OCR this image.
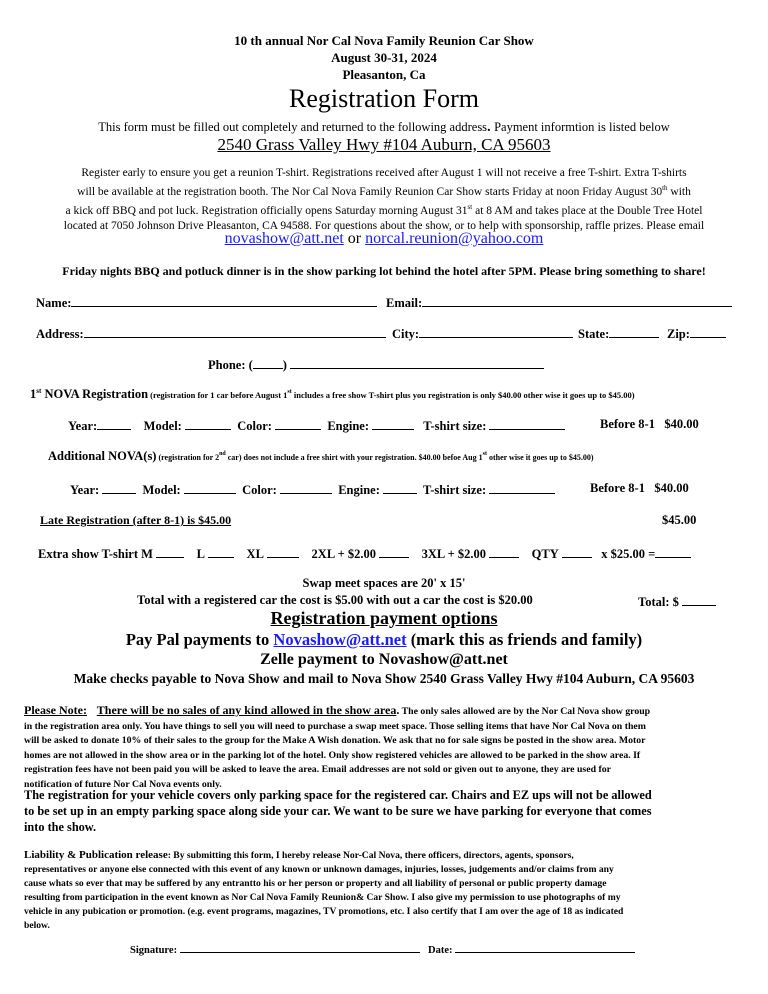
10 th annual Nor Cal Nova Family Reunion Car Show
August 30-31, 2024
Pleasanton, Ca
Registration Form
This form must be filled out completely and returned to the following address. Payment informtion is listed below
2540 Grass Valley Hwy #104 Auburn, CA 95603
Register early to ensure you get a reunion T-shirt. Registrations received after August 1 will not receive a free T-shirt. Extra T-shirts
will be available at the registration booth. The Nor Cal Nova Family Reunion Car Show starts Friday at noon Friday August 30th with
a kick off BBQ and pot luck. Registration officially opens Saturday morning August 31st at 8 AM and takes place at the Double Tree Hotel
located at 7050 Johnson Drive Pleasanton, CA 94588. For questions about the show, or to help with sponsorship, raffle prizes. Please email
novashow@att.net or norcal.reunion@yahoo.com
Friday nights BBQ and potluck dinner is in the show parking lot behind the hotel after 5PM. Please bring something to share!
Name:	Email:
Address:	City:	State:	Zip:
Phone: ( )
1st NOVA Registration (registration for 1 car before August 1st includes a free show T-shirt plus you registration is only $40.00 other wise it goes up to $45.00)
Year:	Model:	Color:	Engine:	T-shirt size:	Before 8-1 $40.00
Additional NOVA(s) (registration for 2nd car) does not include a free shirt with your registration. $40.00 befoe Aug 1st other wise it goes up to $45.00)
Year:	Model:	Color:	Engine:	T-shirt size:	Before 8-1 $40.00
Late Registration (after 8-1) is $45.00	$45.00
Extra show T-shirt M	L	XL	2XL + $2.00	3XL + $2.00	QTY	x $25.00 =
Swap meet spaces are 20' x 15'
Total with a registered car the cost is $5.00 with out a car the cost is $20.00	Total: $
Registration payment options
Pay Pal payments to Novashow@att.net (mark this as friends and family)
Zelle payment to Novashow@att.net
Make checks payable to Nova Show and mail to Nova Show 2540 Grass Valley Hwy #104 Auburn, CA 95603
Please Note: There will be no sales of any kind allowed in the show area. The only sales allowed are by the Nor Cal Nova show group
in the registration area only. You have things to sell you will need to purchase a swap meet space. Those selling items that have Nor Cal Nova on them
will be asked to donate 10% of their sales to the group for the Make A Wish donation. We ask that no for sale signs be posted in the show area. Motor
homes are not allowed in the show area or in the parking lot of the hotel. Only show registered vehicles are allowed to be parked in the show area. If
registration fees have not been paid you will be asked to leave the area. Email addresses are not sold or given out to anyone, they are used for
notification of future Nor Cal Nova events only.
The registration for your vehicle covers only parking space for the registered car. Chairs and EZ ups will not be allowed
to be set up in an empty parking space along side your car. We want to be sure we have parking for everyone that comes
into the show.
Liability & Publication release: By submitting this form, I hereby release Nor-Cal Nova, there officers, directors, agents, sponsors,
representatives or anyone else connected with this event of any known or unknown damages, injuries, losses, judgements and/or claims from any
cause whats so ever that may be suffered by any entrantto his or her person or property and all liability of personal or public property damage
resulting from participation in the event known as Nor Cal Nova Family Reunion& Car Show. I also give my permission to use photographs of my
vehicle in any pubication or promotion. (e.g. event programs, magazines, TV promotions, etc. I also certify that I am over the age of 18 as indicated
below.
Signature:	Date:
